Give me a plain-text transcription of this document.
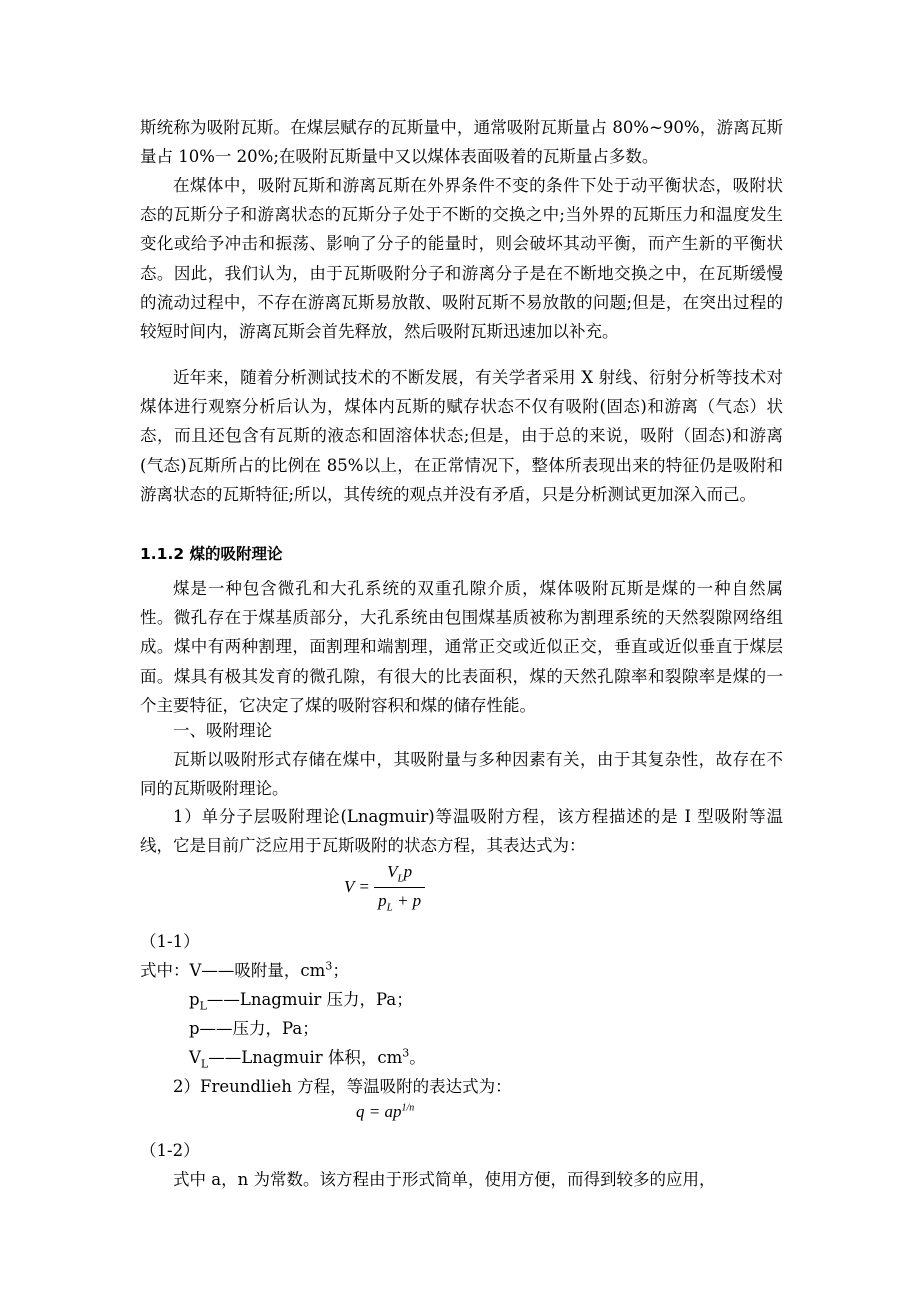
斯统称为吸附瓦斯。在煤层赋存的瓦斯量中，通常吸附瓦斯量占 80%~90%，游离瓦斯量占 10%一 20%;在吸附瓦斯量中又以煤体表面吸着的瓦斯量占多数。

在煤体中，吸附瓦斯和游离瓦斯在外界条件不变的条件下处于动平衡状态，吸附状态的瓦斯分子和游离状态的瓦斯分子处于不断的交换之中;当外界的瓦斯压力和温度发生变化或给予冲击和振荡、影响了分子的能量时，则会破坏其动平衡，而产生新的平衡状态。因此，我们认为，由于瓦斯吸附分子和游离分子是在不断地交换之中，在瓦斯缓慢的流动过程中，不存在游离瓦斯易放散、吸附瓦斯不易放散的问题;但是，在突出过程的较短时间内，游离瓦斯会首先释放，然后吸附瓦斯迅速加以补充。

近年来，随着分析测试技术的不断发展，有关学者采用 X 射线、衍射分析等技术对煤体进行观察分析后认为，煤体内瓦斯的赋存状态不仅有吸附(固态)和游离（气态）状态，而且还包含有瓦斯的液态和固溶体状态;但是，由于总的来说，吸附（固态)和游离(气态)瓦斯所占的比例在 85%以上，在正常情况下，整体所表现出来的特征仍是吸附和游离状态的瓦斯特征;所以，其传统的观点并没有矛盾，只是分析测试更加深入而己。

1.1.2 煤的吸附理论

煤是一种包含微孔和大孔系统的双重孔隙介质，煤体吸附瓦斯是煤的一种自然属性。微孔存在于煤基质部分，大孔系统由包围煤基质被称为割理系统的天然裂隙网络组成。煤中有两种割理，面割理和端割理，通常正交或近似正交，垂直或近似垂直于煤层面。煤具有极其发育的微孔隙，有很大的比表面积，煤的天然孔隙率和裂隙率是煤的一个主要特征，它决定了煤的吸附容积和煤的储存性能。

一、吸附理论

瓦斯以吸附形式存储在煤中，其吸附量与多种因素有关，由于其复杂性，故存在不同的瓦斯吸附理论。

1）单分子层吸附理论(Lnagmuir)等温吸附方程，该方程描述的是 I 型吸附等温线，它是目前广泛应用于瓦斯吸附的状态方程，其表达式为：

$V = \frac{V_Lp}{p_L + p}$

（1-1）

式中：V——吸附量，$cm^3$；

$p_L——Lnagmuir$ 压力，Pa；

p——压力，Pa；

$V_L——Lnagmuir$ 体积，$cm^3$。

2）Freundlieh 方程，等温吸附的表达式为：

$q = ap^{1/n}$

（1-2）

式中 a，n 为常数。该方程由于形式简单，使用方便，而得到较多的应用，
